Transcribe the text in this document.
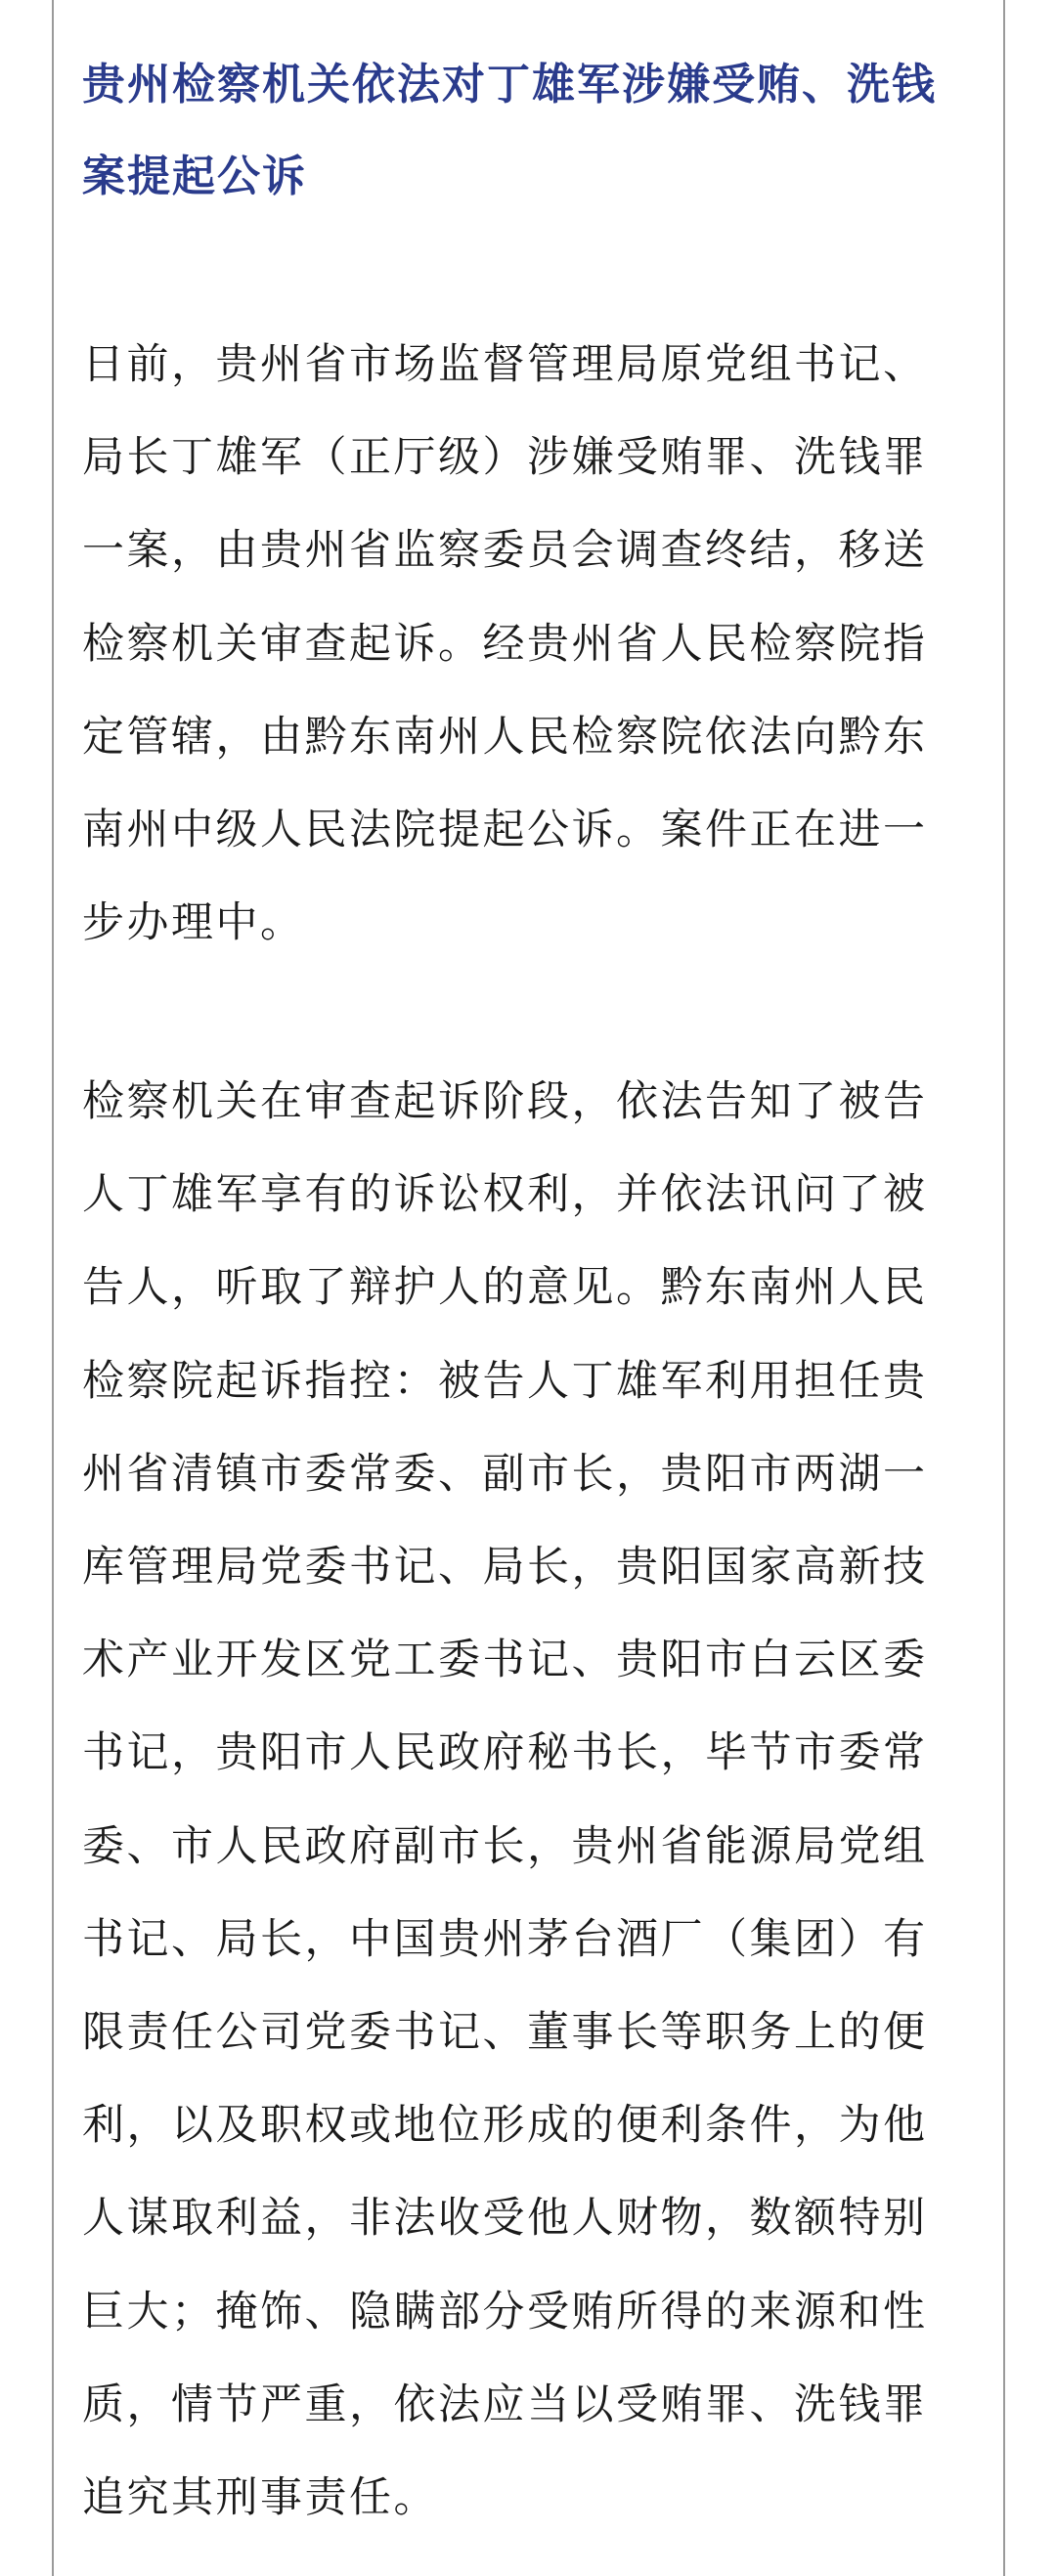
贵州检察机关依法对丁雄军涉嫌受贿、洗钱
案提起公诉

日前，贵州省市场监督管理局原党组书记、
局长丁雄军（正厅级）涉嫌受贿罪、洗钱罪
一案，由贵州省监察委员会调查终结，移送
检察机关审查起诉。经贵州省人民检察院指
定管辖，由黔东南州人民检察院依法向黔东
南州中级人民法院提起公诉。案件正在进一
步办理中。

检察机关在审查起诉阶段，依法告知了被告
人丁雄军享有的诉讼权利，并依法讯问了被
告人，听取了辩护人的意见。黔东南州人民
检察院起诉指控：被告人丁雄军利用担任贵
州省清镇市委常委、副市长，贵阳市两湖一
库管理局党委书记、局长，贵阳国家高新技
术产业开发区党工委书记、贵阳市白云区委
书记，贵阳市人民政府秘书长，毕节市委常
委、市人民政府副市长，贵州省能源局党组
书记、局长，中国贵州茅台酒厂（集团）有
限责任公司党委书记、董事长等职务上的便
利，以及职权或地位形成的便利条件，为他
人谋取利益，非法收受他人财物，数额特别
巨大；掩饰、隐瞒部分受贿所得的来源和性
质，情节严重，依法应当以受贿罪、洗钱罪
追究其刑事责任。
